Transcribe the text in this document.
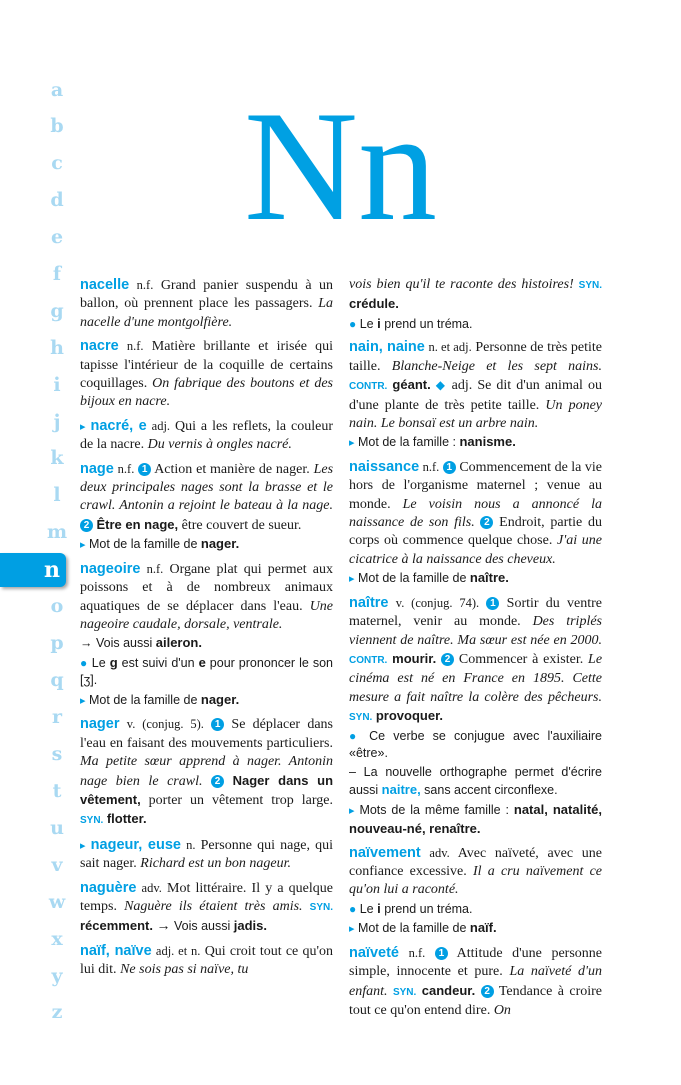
a
b
c
d
e
f
g
h
i
j
k
l
m
n
o
p
q
r
s
t
u
v
w
x
y
z
Nn
nacelle n.f. Grand panier suspendu à un ballon, où prennent place les passagers. La nacelle d'une montgolfière.
nacre n.f. Matière brillante et irisée qui tapisse l'intérieur de la coquille de certains coquillages. On fabrique des boutons et des bijoux en nacre.
▸ nacré, e adj. Qui a les reflets, la couleur de la nacre. Du vernis à ongles nacré.
nage n.f. 1 Action et manière de nager. Les deux principales nages sont la brasse et le crawl. Antonin a rejoint le bateau à la nage. 2 Être en nage, être couvert de sueur.
▸ Mot de la famille de nager.
nageoire n.f. Organe plat qui permet aux poissons et à de nombreux animaux aquatiques de se déplacer dans l'eau. Une nageoire caudale, dorsale, ventrale.
→ Vois aussi aileron.
● Le g est suivi d'un e pour prononcer le son [ʒ].
▸ Mot de la famille de nager.
nager v. (conjug. 5). 1 Se déplacer dans l'eau en faisant des mouvements particuliers. Ma petite sœur apprend à nager. Antonin nage bien le crawl. 2 Nager dans un vêtement, porter un vêtement trop large. SYN. flotter.
▸ nageur, euse n. Personne qui nage, qui sait nager. Richard est un bon nageur.
naguère adv. Mot littéraire. Il y a quelque temps. Naguère ils étaient très amis. SYN. récemment. → Vois aussi jadis.
naïf, naïve adj. et n. Qui croit tout ce qu'on lui dit. Ne sois pas si naïve, tu
vois bien qu'il te raconte des histoires! SYN. crédule.
● Le i prend un tréma.
nain, naine n. et adj. Personne de très petite taille. Blanche-Neige et les sept nains. CONTR. géant. ◆ adj. Se dit d'un animal ou d'une plante de très petite taille. Un poney nain. Le bonsaï est un arbre nain.
▸ Mot de la famille : nanisme.
naissance n.f. 1 Commencement de la vie hors de l'organisme maternel ; venue au monde. Le voisin nous a annoncé la naissance de son fils. 2 Endroit, partie du corps où commence quelque chose. J'ai une cicatrice à la naissance des cheveux.
▸ Mot de la famille de naître.
naître v. (conjug. 74). 1 Sortir du ventre maternel, venir au monde. Des triplés viennent de naître. Ma sœur est née en 2000. CONTR. mourir. 2 Commencer à exister. Le cinéma est né en France en 1895. Cette mesure a fait naître la colère des pêcheurs. SYN. provoquer.
● Ce verbe se conjugue avec l'auxiliaire «être».
– La nouvelle orthographe permet d'écrire aussi naitre, sans accent circonflexe.
▸ Mots de la même famille : natal, natalité, nouveau-né, renaître.
naïvement adv. Avec naïveté, avec une confiance excessive. Il a cru naïvement ce qu'on lui a raconté.
● Le i prend un tréma.
▸ Mot de la famille de naïf.
naïveté n.f. 1 Attitude d'une personne simple, innocente et pure. La naïveté d'un enfant. SYN. candeur. 2 Tendance à croire tout ce qu'on entend dire. On
